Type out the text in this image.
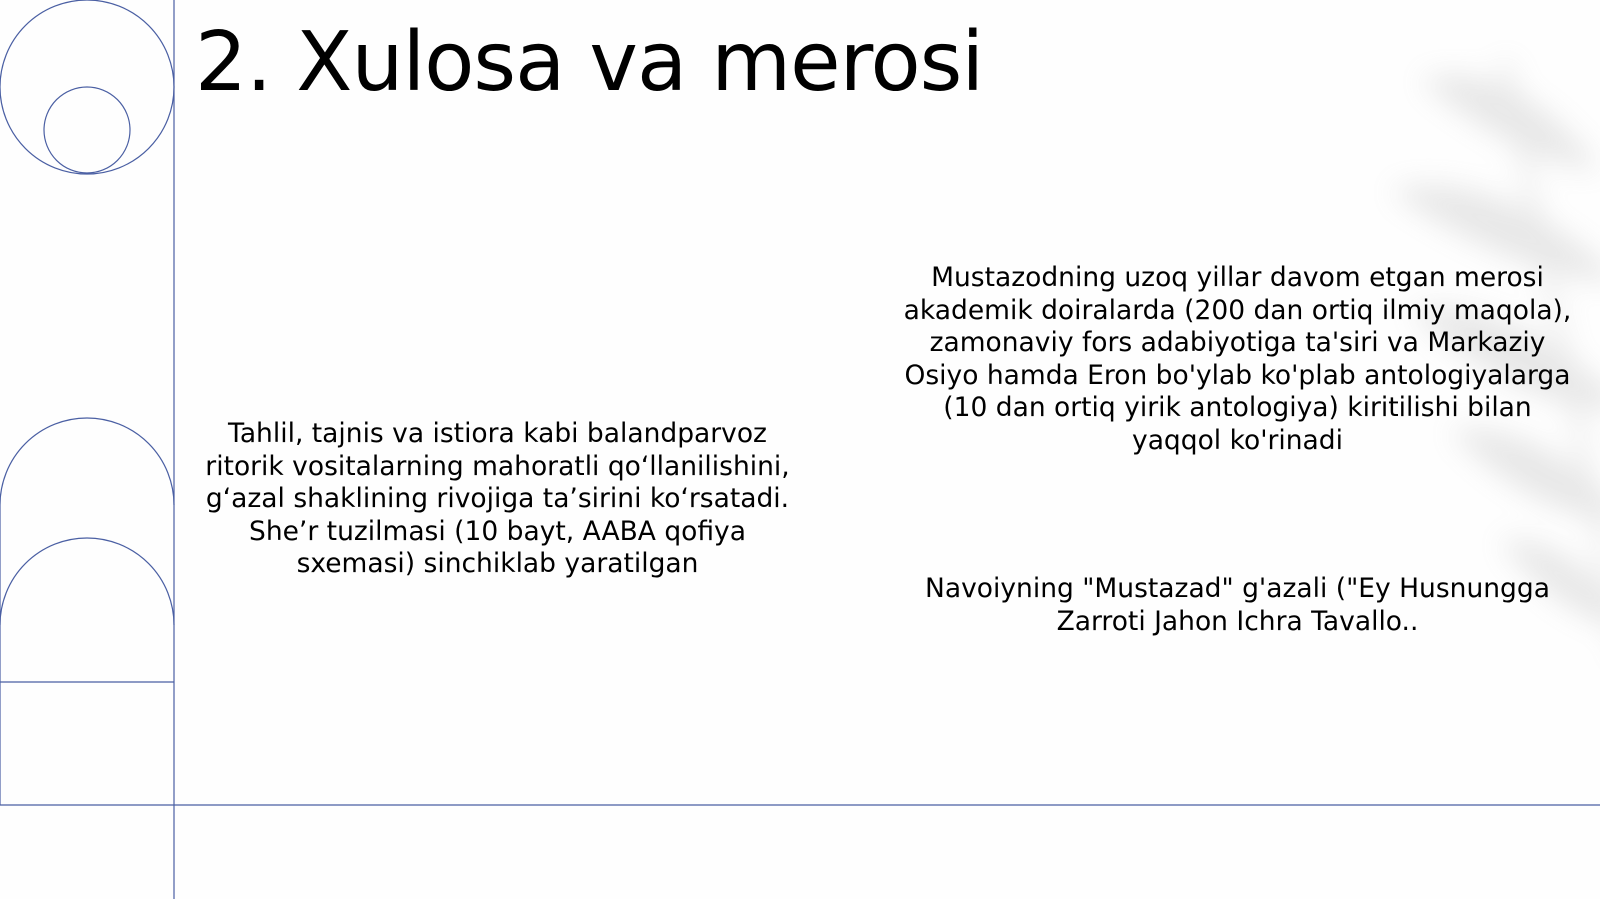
2. Xulosa va merosi

Tahlil, tajnis va istiora kabi balandparvoz ritorik vositalarning mahoratli qo‘llanilishini, g‘azal shaklining rivojiga ta’sirini ko‘rsatadi. She’r tuzilmasi (10 bayt, AABA qofiya sxemasi) sinchiklab yaratilgan

Mustazodning uzoq yillar davom etgan merosi akademik doiralarda (200 dan ortiq ilmiy maqola), zamonaviy fors adabiyotiga ta'siri va Markaziy Osiyo hamda Eron bo'ylab ko'plab antologiyalarga (10 dan ortiq yirik antologiya) kiritilishi bilan yaqqol ko'rinadi

Navoiyning "Mustazad" g'azali ("Ey Husnungga Zarroti Jahon Ichra Tavallo..
